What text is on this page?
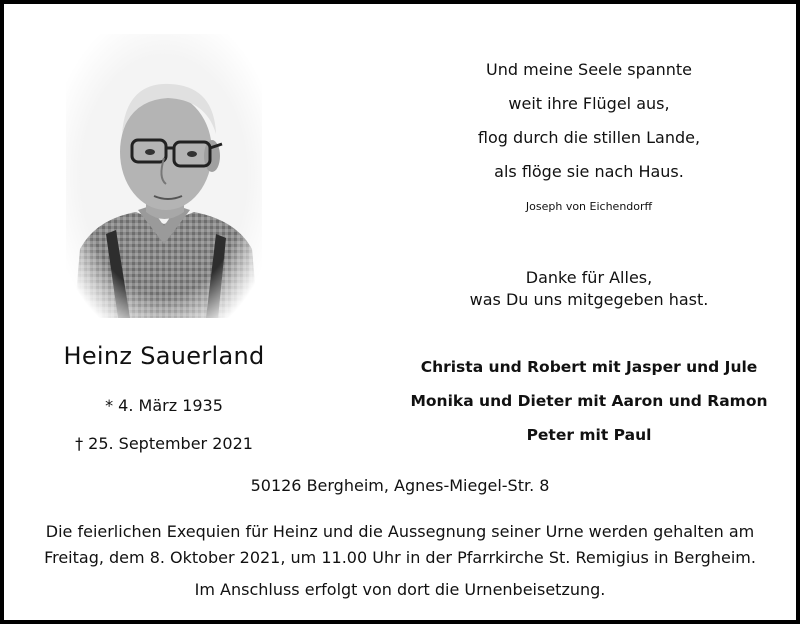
Und meine Seele spannte
weit ihre Flügel aus,
flog durch die stillen Lande,
als flöge sie nach Haus.
Joseph von Eichendorff
Danke für Alles,
was Du uns mitgegeben hast.
Heinz Sauerland
* 4. März 1935
† 25. September 2021
Christa und Robert mit Jasper und Jule
Monika und Dieter mit Aaron und Ramon
Peter mit Paul
50126 Bergheim, Agnes-Miegel-Str. 8
Die feierlichen Exequien für Heinz und die Aussegnung seiner Urne werden gehalten am
Freitag, dem 8. Oktober 2021, um 11.00 Uhr in der Pfarrkirche St. Remigius in Bergheim.
Im Anschluss erfolgt von dort die Urnenbeisetzung.
